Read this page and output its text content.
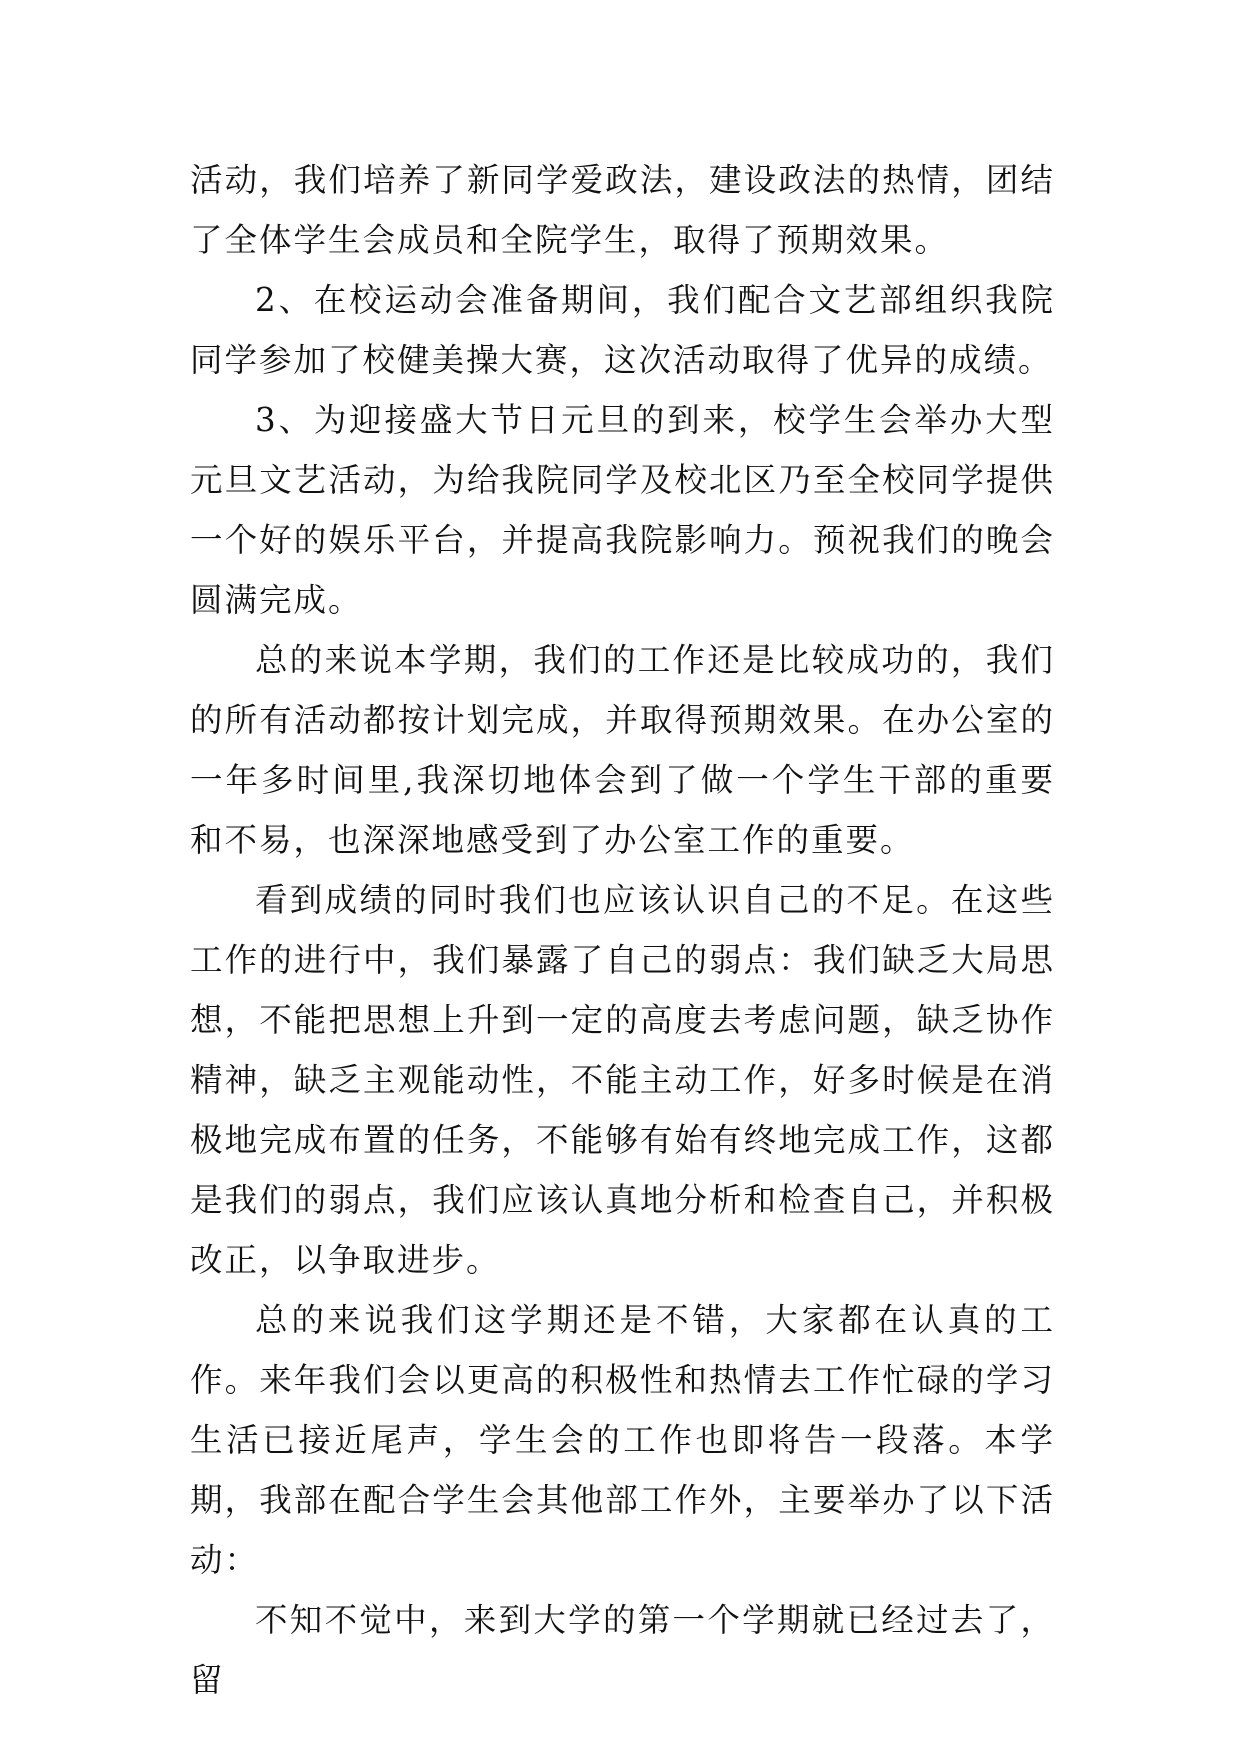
活动，我们培养了新同学爱政法，建设政法的热情，团结了全体学生会成员和全院学生，取得了预期效果。

2、在校运动会准备期间，我们配合文艺部组织我院同学参加了校健美操大赛，这次活动取得了优异的成绩。

3、为迎接盛大节日元旦的到来，校学生会举办大型元旦文艺活动，为给我院同学及校北区乃至全校同学提供一个好的娱乐平台，并提高我院影响力。预祝我们的晚会圆满完成。

总的来说本学期，我们的工作还是比较成功的，我们的所有活动都按计划完成，并取得预期效果。在办公室的一年多时间里,我深切地体会到了做一个学生干部的重要和不易，也深深地感受到了办公室工作的重要。

看到成绩的同时我们也应该认识自己的不足。在这些工作的进行中，我们暴露了自己的弱点：我们缺乏大局思想，不能把思想上升到一定的高度去考虑问题，缺乏协作精神，缺乏主观能动性，不能主动工作，好多时候是在消极地完成布置的任务，不能够有始有终地完成工作，这都是我们的弱点，我们应该认真地分析和检查自己，并积极改正，以争取进步。

总的来说我们这学期还是不错，大家都在认真的工作。来年我们会以更高的积极性和热情去工作忙碌的学习生活已接近尾声，学生会的工作也即将告一段落。本学期，我部在配合学生会其他部工作外，主要举办了以下活动：

不知不觉中，来到大学的第一个学期就已经过去了，留
